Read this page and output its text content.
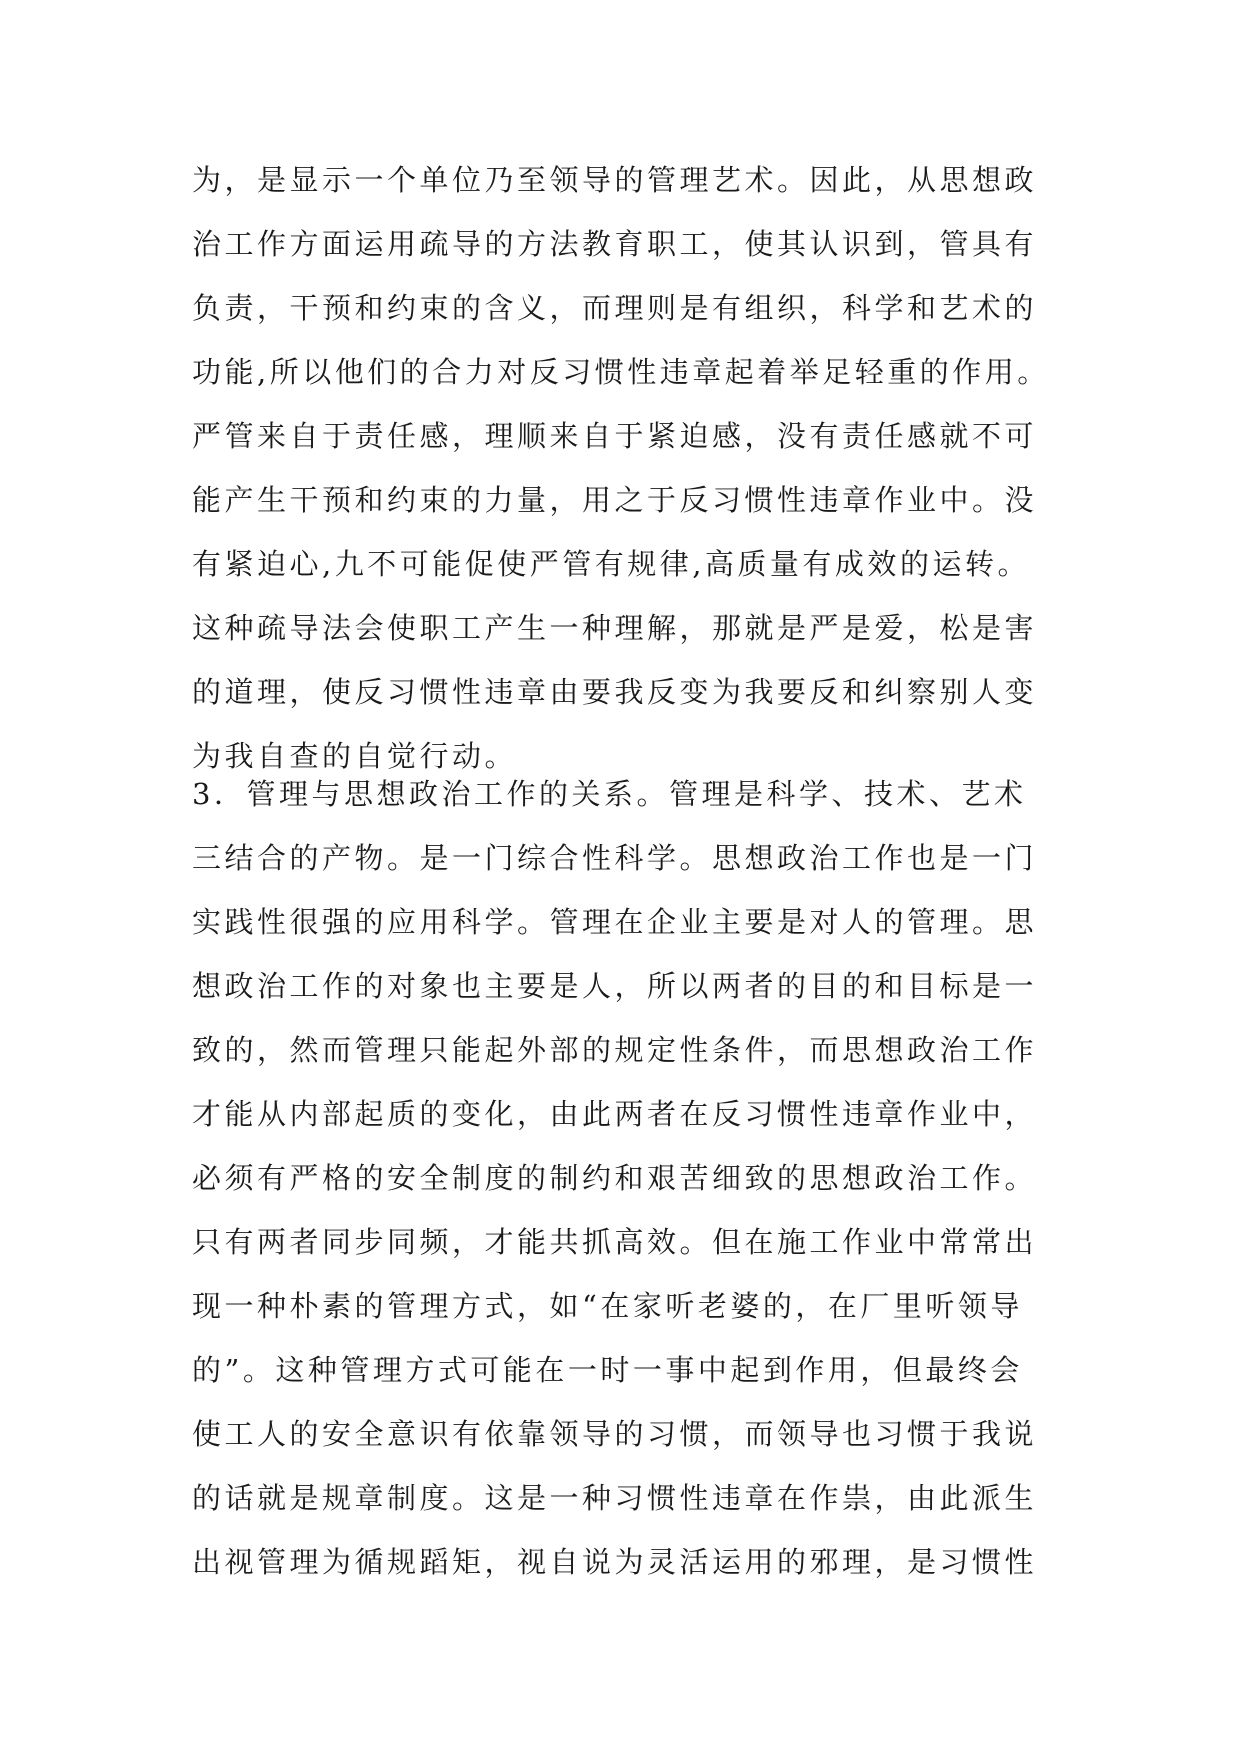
为，是显示一个单位乃至领导的管理艺术。因此，从思想政
治工作方面运用疏导的方法教育职工，使其认识到，管具有
负责，干预和约束的含义，而理则是有组织，科学和艺术的
功能,所以他们的合力对反习惯性违章起着举足轻重的作用。
严管来自于责任感，理顺来自于紧迫感，没有责任感就不可
能产生干预和约束的力量，用之于反习惯性违章作业中。没
有紧迫心,九不可能促使严管有规律,高质量有成效的运转。
这种疏导法会使职工产生一种理解，那就是严是爱，松是害
的道理，使反习惯性违章由要我反变为我要反和纠察别人变
为我自查的自觉行动。
3．管理与思想政治工作的关系。管理是科学、技术、艺术
三结合的产物。是一门综合性科学。思想政治工作也是一门
实践性很强的应用科学。管理在企业主要是对人的管理。思
想政治工作的对象也主要是人，所以两者的目的和目标是一
致的，然而管理只能起外部的规定性条件，而思想政治工作
才能从内部起质的变化，由此两者在反习惯性违章作业中，
必须有严格的安全制度的制约和艰苦细致的思想政治工作。
只有两者同步同频，才能共抓高效。但在施工作业中常常出
现一种朴素的管理方式，如“在家听老婆的，在厂里听领导
的”。这种管理方式可能在一时一事中起到作用，但最终会
使工人的安全意识有依靠领导的习惯，而领导也习惯于我说
的话就是规章制度。这是一种习惯性违章在作祟，由此派生
出视管理为循规蹈矩，视自说为灵活运用的邪理，是习惯性
